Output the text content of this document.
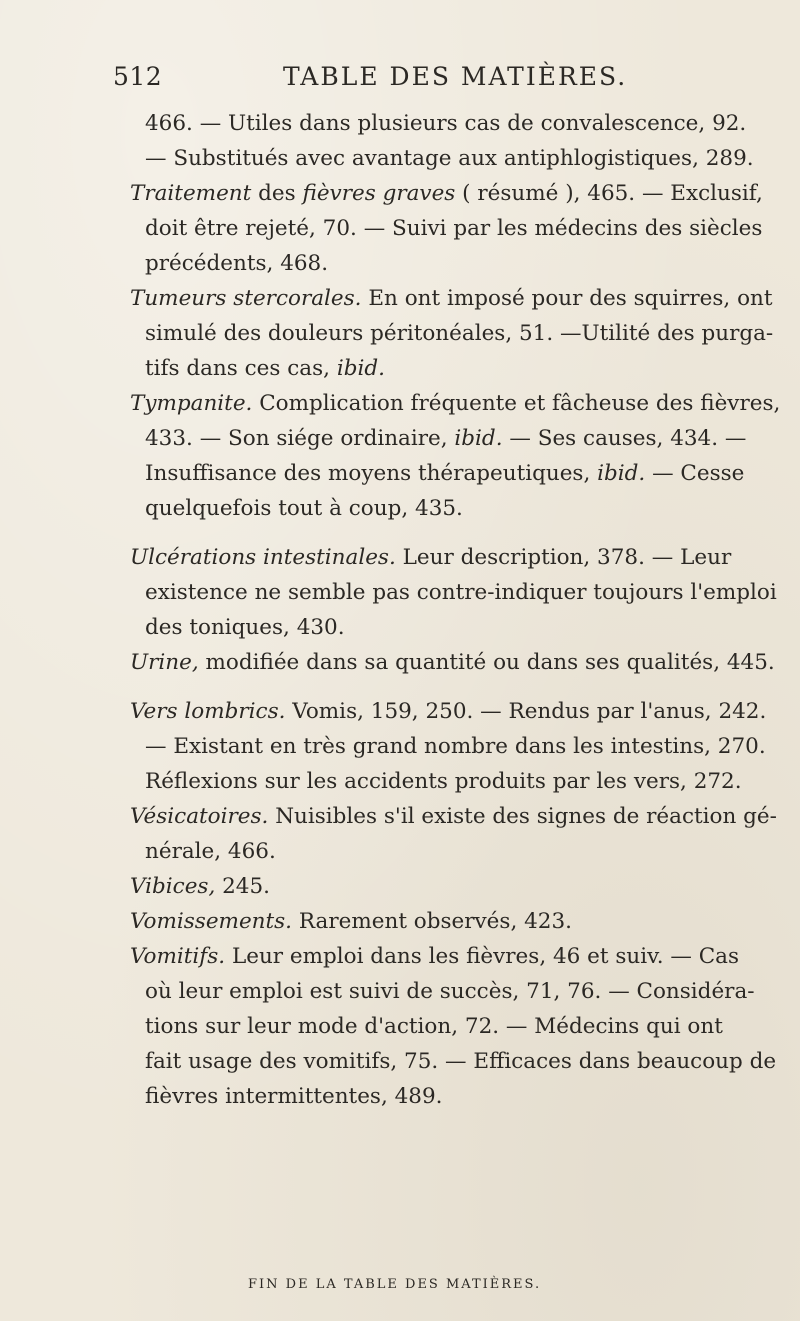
512	TABLE DES MATIÈRES.
466. — Utiles dans plusieurs cas de convalescence, 92.
— Substitués avec avantage aux antiphlogistiques, 289.
Traitement des fièvres graves ( résumé ), 465. — Exclusif,
doit être rejeté, 70. — Suivi par les médecins des siècles
précédents, 468.
Tumeurs stercorales. En ont imposé pour des squirres, ont
simulé des douleurs péritonéales, 51. —Utilité des purga-
tifs dans ces cas, ibid.
Tympanite. Complication fréquente et fâcheuse des fièvres,
433. — Son siége ordinaire, ibid. — Ses causes, 434. —
Insuffisance des moyens thérapeutiques, ibid. — Cesse
quelquefois tout à coup, 435.
Ulcérations intestinales. Leur description, 378. — Leur
existence ne semble pas contre-indiquer toujours l'emploi
des toniques, 430.
Urine, modifiée dans sa quantité ou dans ses qualités, 445.
Vers lombrics. Vomis, 159, 250. — Rendus par l'anus, 242.
— Existant en très grand nombre dans les intestins, 270.
Réflexions sur les accidents produits par les vers, 272.
Vésicatoires. Nuisibles s'il existe des signes de réaction gé-
nérale, 466.
Vibices, 245.
Vomissements. Rarement observés, 423.
Vomitifs. Leur emploi dans les fièvres, 46 et suiv. — Cas
où leur emploi est suivi de succès, 71, 76. — Considéra-
tions sur leur mode d'action, 72. — Médecins qui ont
fait usage des vomitifs, 75. — Efficaces dans beaucoup de
fièvres intermittentes, 489.
FIN DE LA TABLE DES MATIÈRES.
